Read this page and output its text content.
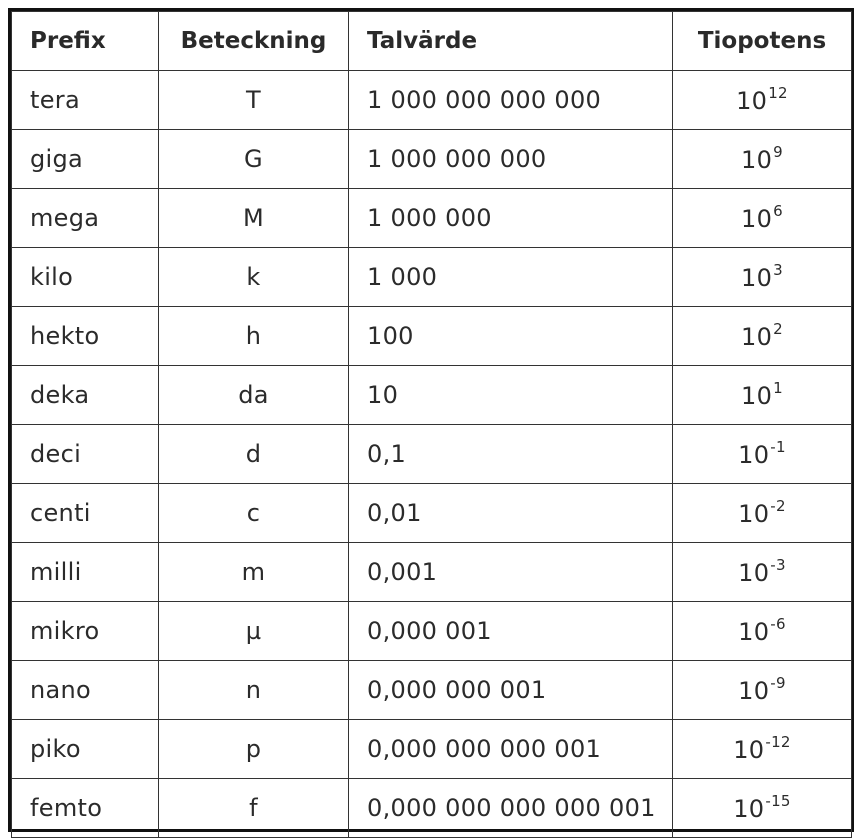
Prefix	Beteckning	Talvärde	Tiopotens
tera	T	1 000 000 000 000	$10^{12}$
giga	G	1 000 000 000	$10^9$
mega	M	1 000 000	$10^6$
kilo	k	1 000	$10^3$
hekto	h	100	$10^2$
deka	da	10	$10^1$
deci	d	0,1	$10^{-1}$
centi	c	0,01	$10^{-2}$
milli	m	0,001	$10^{-3}$
mikro	µ	0,000 001	$10^{-6}$
nano	n	0,000 000 001	$10^{-9}$
piko	p	0,000 000 000 001	$10^{-12}$
femto	f	0,000 000 000 000 001	$10^{-15}$
